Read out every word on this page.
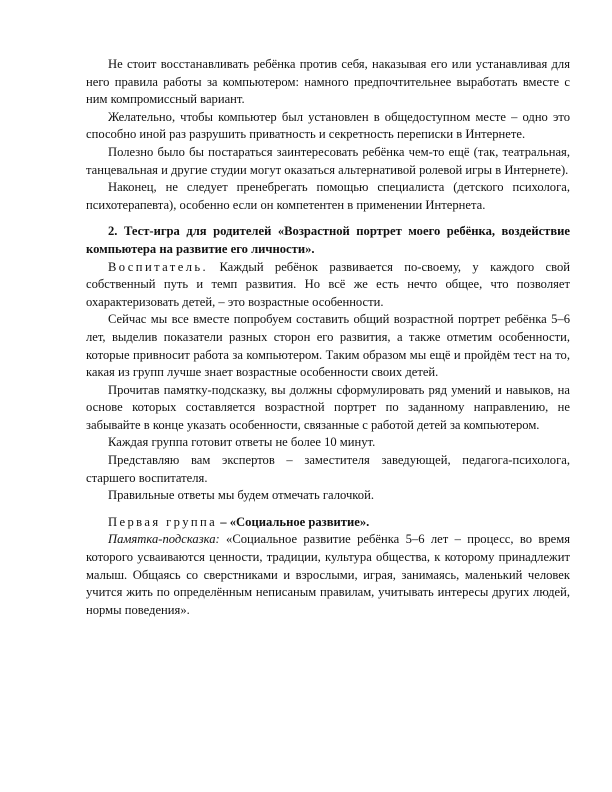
Не стоит восстанавливать ребёнка против себя, наказывая его или устанавливая для него правила работы за компьютером: намного предпочтительнее выработать вместе с ним компромиссный вариант.

Желательно, чтобы компьютер был установлен в общедоступном месте – одно это способно иной раз разрушить приватность и секретность переписки в Интернете.

Полезно было бы постараться заинтересовать ребёнка чем-то ещё (так, театральная, танцевальная и другие студии могут оказаться альтернативой ролевой игры в Интернете).

Наконец, не следует пренебрегать помощью специалиста (детского психолога, психотерапевта), особенно если он компетентен в применении Интернета.

2. Тест-игра для родителей «Возрастной портрет моего ребёнка, воздействие компьютера на развитие его личности».

Воспитатель. Каждый ребёнок развивается по-своему, у каждого свой собственный путь и темп развития. Но всё же есть нечто общее, что позволяет охарактеризовать детей, – это возрастные особенности.

Сейчас мы все вместе попробуем составить общий возрастной портрет ребёнка 5–6 лет, выделив показатели разных сторон его развития, а также отметим особенности, которые привносит работа за компьютером. Таким образом мы ещё и пройдём тест на то, какая из групп лучше знает возрастные особенности своих детей.

Прочитав памятку-подсказку, вы должны сформулировать ряд умений и навыков, на основе которых составляется возрастной портрет по заданному направлению, не забывайте в конце указать особенности, связанные с работой детей за компьютером.

Каждая группа готовит ответы не более 10 минут.

Представляю вам экспертов – заместителя заведующей, педагога-психолога, старшего воспитателя.

Правильные ответы мы будем отмечать галочкой.

Первая группа – «Социальное развитие».

Памятка-подсказка: «Социальное развитие ребёнка 5–6 лет – процесс, во время которого усваиваются ценности, традиции, культура общества, к которому принадлежит малыш. Общаясь со сверстниками и взрослыми, играя, занимаясь, маленький человек учится жить по определённым неписаным правилам, учитывать интересы других людей, нормы поведения».
